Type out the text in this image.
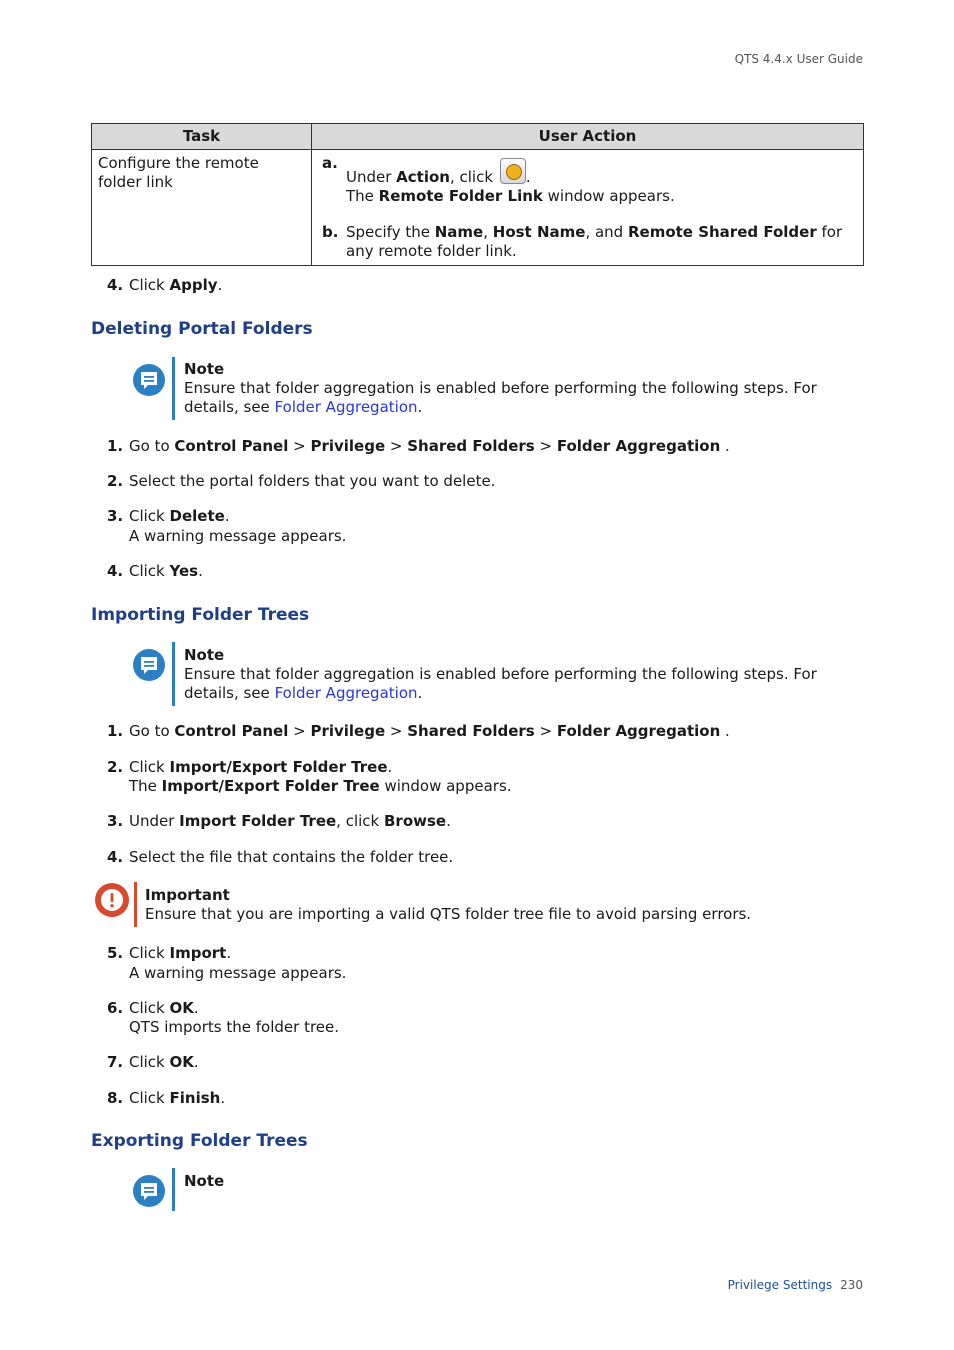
QTS 4.4.x User Guide
Task	User Action
Configure the remote folder link	a.
Under Action, click .
The Remote Folder Link window appears.
b. Specify the Name, Host Name, and Remote Shared Folder for any remote folder link.
4. Click Apply.
Deleting Portal Folders
Note
Ensure that folder aggregation is enabled before performing the following steps. For details, see Folder Aggregation.
1. Go to Control Panel > Privilege > Shared Folders > Folder Aggregation .
2. Select the portal folders that you want to delete.
3. Click Delete.
A warning message appears.
4. Click Yes.
Importing Folder Trees
Note
Ensure that folder aggregation is enabled before performing the following steps. For details, see Folder Aggregation.
1. Go to Control Panel > Privilege > Shared Folders > Folder Aggregation .
2. Click Import/Export Folder Tree.
The Import/Export Folder Tree window appears.
3. Under Import Folder Tree, click Browse.
4. Select the file that contains the folder tree.
Important
Ensure that you are importing a valid QTS folder tree file to avoid parsing errors.
5. Click Import.
A warning message appears.
6. Click OK.
QTS imports the folder tree.
7. Click OK.
8. Click Finish.
Exporting Folder Trees
Note
Privilege Settings 230
